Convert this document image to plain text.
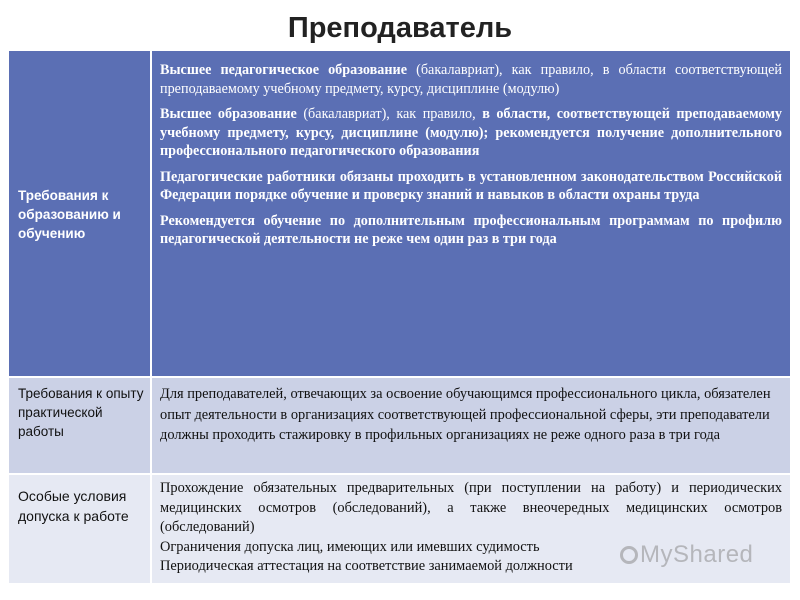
Преподаватель
Требования к образованию и обучению

Высшее педагогическое образование (бакалавриат), как правило, в области соответствующей преподаваемому учебному предмету, курсу, дисциплине (модулю)

Высшее образование (бакалавриат), как правило, в области, соответствующей преподаваемому учебному предмету, курсу, дисциплине (модулю); рекомендуется получение дополнительного профессионального педагогического образования

Педагогические работники обязаны проходить в установленном законодательством Российской Федерации порядке обучение и проверку знаний и навыков в области охраны труда

Рекомендуется обучение по дополнительным профессиональным программам по профилю педагогической деятельности не реже чем один раз в три года

Требования к опыту практической работы
Для преподавателей, отвечающих за освоение обучающимся профессионального цикла, обязателен опыт деятельности в организациях соответствующей профессиональной сферы, эти преподаватели должны проходить стажировку в профильных организациях не реже одного раза в три года
Особые условия допуска к работе
Прохождение обязательных предварительных (при поступлении на работу) и периодических медицинских осмотров (обследований), а также внеочередных медицинских осмотров (обследований)
Ограничения допуска лиц, имеющих или имевших судимость
Периодическая аттестация на соответствие занимаемой должности	MyShared
